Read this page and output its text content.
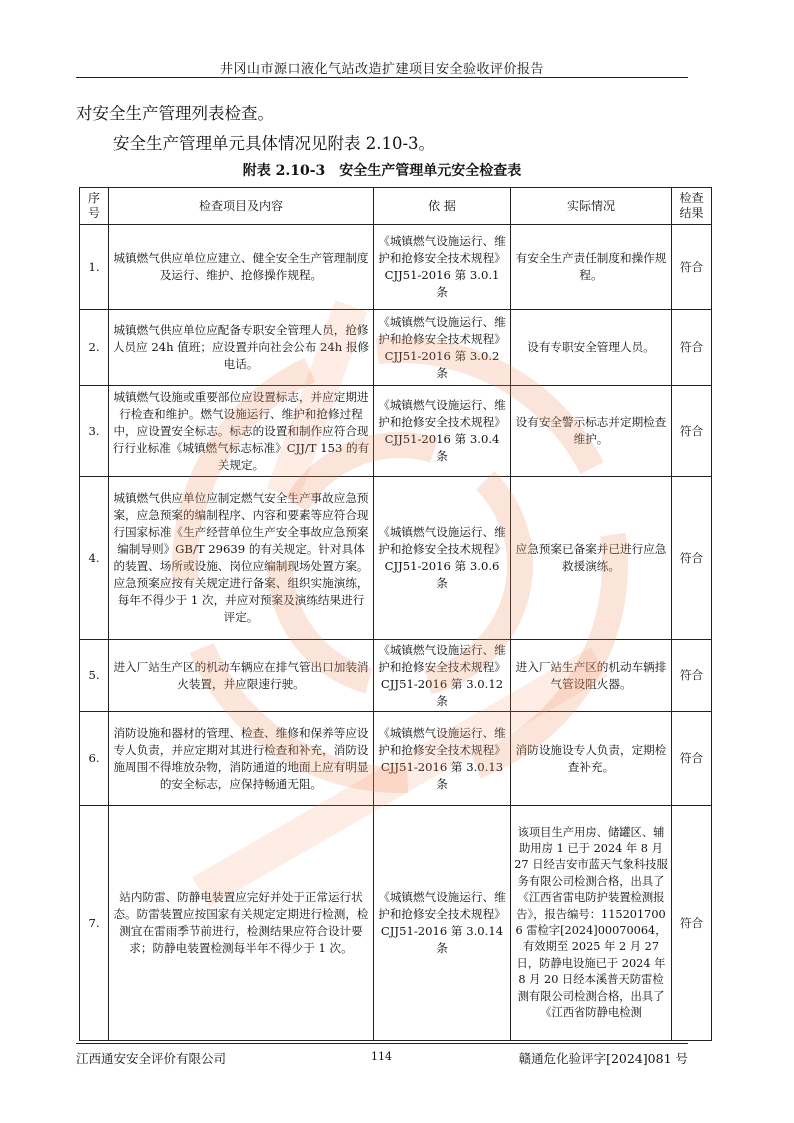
井冈山市源口液化气站改造扩建项目安全验收评价报告
对安全生产管理列表检查。
安全生产管理单元具体情况见附表 2.10-3。
附表 2.10-3　安全生产管理单元安全检查表
序号	检查项目及内容	依 据	实际情况	检查结果
1.	城镇燃气供应单位应建立、健全安全生产管理制度及运行、维护、抢修操作规程。	《城镇燃气设施运行、维护和抢修安全技术规程》CJJ51-2016 第 3.0.1 条	有安全生产责任制度和操作规程。	符合
2.	城镇燃气供应单位应配备专职安全管理人员，抢修人员应 24h 值班；应设置并向社会公布 24h 报修电话。	《城镇燃气设施运行、维护和抢修安全技术规程》CJJ51-2016 第 3.0.2 条	设有专职安全管理人员。	符合
3.	城镇燃气设施或重要部位应设置标志，并应定期进行检查和维护。燃气设施运行、维护和抢修过程中，应设置安全标志。标志的设置和制作应符合现行行业标准《城镇燃气标志标准》CJJ/T 153 的有关规定。	《城镇燃气设施运行、维护和抢修安全技术规程》CJJ51-2016 第 3.0.4 条	设有安全警示标志并定期检查维护。	符合
4.	城镇燃气供应单位应制定燃气安全生产事故应急预案，应急预案的编制程序、内容和要素等应符合现行国家标准《生产经营单位生产安全事故应急预案编制导则》GB/T 29639 的有关规定。针对具体的装置、场所或设施、岗位应编制现场处置方案。应急预案应按有关规定进行备案、组织实施演练，每年不得少于 1 次，并应对预案及演练结果进行评定。	《城镇燃气设施运行、维护和抢修安全技术规程》CJJ51-2016 第 3.0.6 条	应急预案已备案并已进行应急救援演练。	符合
5.	进入厂站生产区的机动车辆应在排气管出口加装消火装置，并应限速行驶。	《城镇燃气设施运行、维护和抢修安全技术规程》CJJ51-2016 第 3.0.12 条	进入厂站生产区的机动车辆排气管设阻火器。	符合
6.	消防设施和器材的管理、检查、维修和保养等应设专人负责，并应定期对其进行检查和补充，消防设施周围不得堆放杂物，消防通道的地面上应有明显的安全标志，应保持畅通无阻。	《城镇燃气设施运行、维护和抢修安全技术规程》CJJ51-2016 第 3.0.13 条	消防设施设专人负责，定期检查补充。	符合
7.	站内防雷、防静电装置应完好并处于正常运行状态。防雷装置应按国家有关规定定期进行检测，检测宜在雷雨季节前进行，检测结果应符合设计要求；防静电装置检测每半年不得少于 1 次。	《城镇燃气设施运行、维护和抢修安全技术规程》CJJ51-2016 第 3.0.14 条	该项目生产用房、储罐区、辅助用房 1 已于 2024 年 8 月 27 日经吉安市蓝天气象科技服务有限公司检测合格，出具了《江西省雷电防护装置检测报告》，报告编号：1152017006 雷检字[2024]00070064，有效期至 2025 年 2 月 27 日，防静电设施已于 2024 年 8 月 20 日经本溪普天防雷检测有限公司检测合格，出具了《江西省防静电检测	符合
江西通安安全评价有限公司	114	赣通危化验评字[2024]081 号
